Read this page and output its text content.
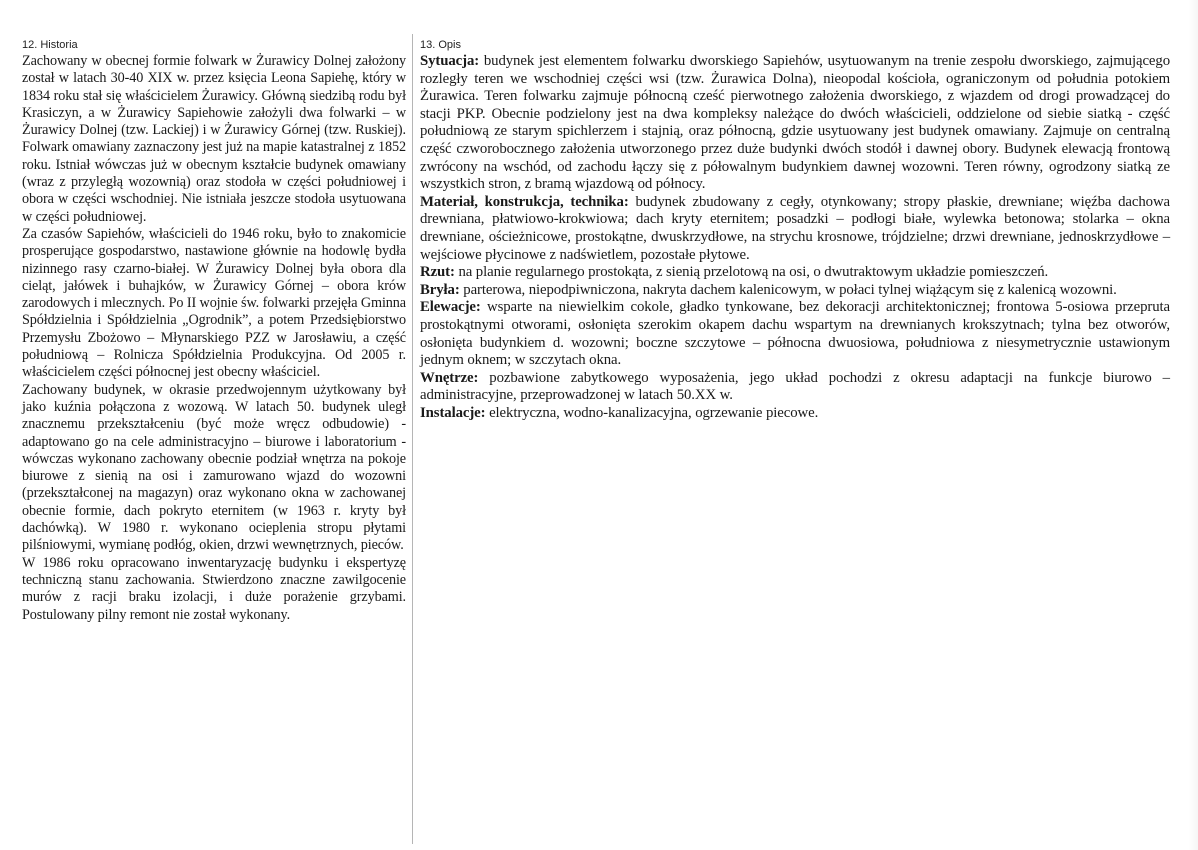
12. Historia

Zachowany w obecnej formie folwark w Żurawicy Dolnej założony został w latach 30-40 XIX w. przez księcia Leona Sapiehę, który w 1834 roku stał się właścicielem Żurawicy. Główną siedzibą rodu był Krasiczyn, a w Żurawicy Sapiehowie założyli dwa folwarki – w Żurawicy Dolnej (tzw. Lackiej) i w Żurawicy Górnej (tzw. Ruskiej). Folwark omawiany zaznaczony jest już na mapie katastralnej z 1852 roku. Istniał wówczas już w obecnym kształcie budynek omawiany (wraz z przyległą wozownią) oraz stodoła w części południowej i obora w części wschodniej. Nie istniała jeszcze stodoła usytuowana w części południowej.

Za czasów Sapiehów, właścicieli do 1946 roku, było to znakomicie prosperujące gospodarstwo, nastawione głównie na hodowlę bydła nizinnego rasy czarno-białej. W Żurawicy Dolnej była obora dla cieląt, jałówek i buhajków, w Żurawicy Górnej – obora krów zarodowych i mlecznych. Po II wojnie św. folwarki przejęła Gminna Spółdzielnia i Spółdzielnia „Ogrodnik”, a potem Przedsiębiorstwo Przemysłu Zbożowo – Młynarskiego PZZ w Jarosławiu, a część południową – Rolnicza Spółdzielnia Produkcyjna. Od 2005 r. właścicielem części północnej jest obecny właściciel.

Zachowany budynek, w okrasie przedwojennym użytkowany był jako kuźnia połączona z wozową. W latach 50. budynek uległ znacznemu przekształceniu (być może wręcz odbudowie) - adaptowano go na cele administracyjno – biurowe i laboratorium - wówczas wykonano zachowany obecnie podział wnętrza na pokoje biurowe z sienią na osi i zamurowano wjazd do wozowni (przekształconej na magazyn) oraz wykonano okna w zachowanej obecnie formie, dach pokryto eternitem (w 1963 r. kryty był dachówką). W 1980 r. wykonano ocieplenia stropu płytami pilśniowymi, wymianę podłóg, okien, drzwi wewnętrznych, pieców.

W 1986 roku opracowano inwentaryzację budynku i ekspertyzę techniczną stanu zachowania. Stwierdzono znaczne zawilgocenie murów z racji braku izolacji, i duże porażenie grzybami. Postulowany pilny remont nie został wykonany.

13. Opis

Sytuacja: budynek jest elementem folwarku dworskiego Sapiehów, usytuowanym na trenie zespołu dworskiego, zajmującego rozległy teren we wschodniej części wsi (tzw. Żurawica Dolna), nieopodal kościoła, ograniczonym od południa potokiem Żurawica. Teren folwarku zajmuje północną cześć pierwotnego założenia dworskiego, z wjazdem od drogi prowadzącej do stacji PKP. Obecnie podzielony jest na dwa kompleksy należące do dwóch właścicieli, oddzielone od siebie siatką - część południową ze starym spichlerzem i stajnią, oraz północną, gdzie usytuowany jest budynek omawiany. Zajmuje on centralną część czworobocznego założenia utworzonego przez duże budynki dwóch stodół i dawnej obory. Budynek elewacją frontową zwrócony na wschód, od zachodu łączy się z półowalnym budynkiem dawnej wozowni. Teren równy, ogrodzony siatką ze wszystkich stron, z bramą wjazdową od północy.

Materiał, konstrukcja, technika: budynek zbudowany z cegły, otynkowany; stropy płaskie, drewniane; więźba dachowa drewniana, płatwiowo-krokwiowa; dach kryty eternitem; posadzki – podłogi białe, wylewka betonowa; stolarka – okna drewniane, ościeżnicowe, prostokątne, dwuskrzydłowe, na strychu krosnowe, trójdzielne; drzwi drewniane, jednoskrzydłowe – wejściowe płycinowe z nadświetlem, pozostałe płytowe.

Rzut: na planie regularnego prostokąta, z sienią przelotową na osi, o dwutraktowym układzie pomieszczeń.

Bryła: parterowa, niepodpiwniczona, nakryta dachem kalenicowym, w połaci tylnej wiążącym się z kalenicą wozowni.

Elewacje: wsparte na niewielkim cokole, gładko tynkowane, bez dekoracji architektonicznej; frontowa 5-osiowa przepruta prostokątnymi otworami, osłonięta szerokim okapem dachu wspartym na drewnianych krokszytnach; tylna bez otworów, osłonięta budynkiem d. wozowni; boczne szczytowe – północna dwuosiowa, południowa z niesymetrycznie ustawionym jednym oknem; w szczytach okna.

Wnętrze: pozbawione zabytkowego wyposażenia, jego układ pochodzi z okresu adaptacji na funkcje biurowo – administracyjne, przeprowadzonej w latach 50.XX w.

Instalacje: elektryczna, wodno-kanalizacyjna, ogrzewanie piecowe.
